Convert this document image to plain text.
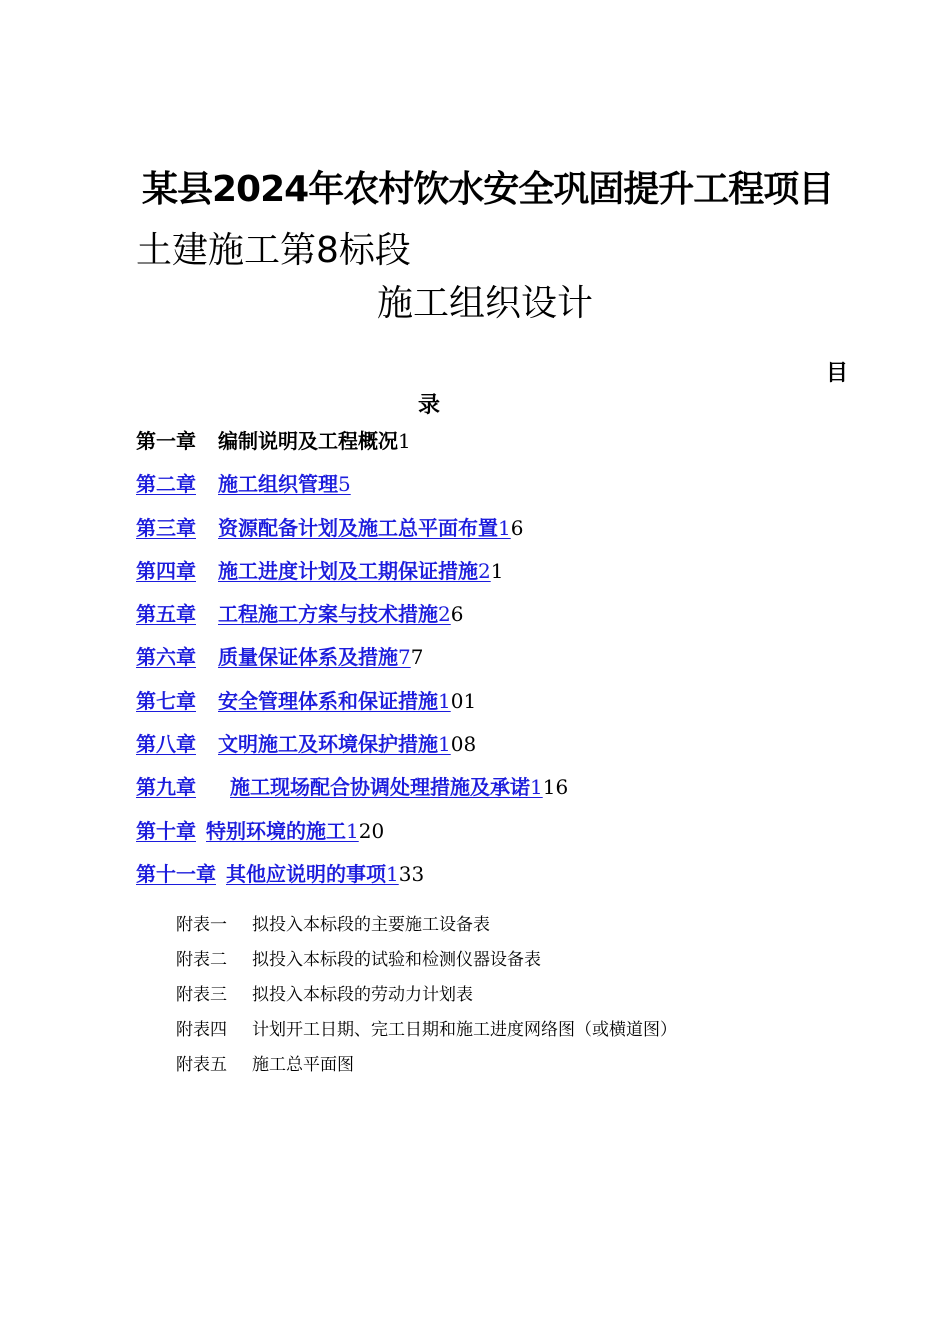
某县2024年农村饮水安全巩固提升工程项目
土建施工第8标段
施工组织设计
目
录
第一章 编制说明及工程概况1
第二章 施工组织管理5
第三章 资源配备计划及施工总平面布置16
第四章 施工进度计划及工期保证措施21
第五章 工程施工方案与技术措施26
第六章 质量保证体系及措施77
第七章 安全管理体系和保证措施101
第八章 文明施工及环境保护措施108
第九章 施工现场配合协调处理措施及承诺116
第十章 特别环境的施工120
第十一章 其他应说明的事项133
附表一 拟投入本标段的主要施工设备表
附表二 拟投入本标段的试验和检测仪器设备表
附表三 拟投入本标段的劳动力计划表
附表四 计划开工日期、完工日期和施工进度网络图（或横道图）
附表五 施工总平面图
